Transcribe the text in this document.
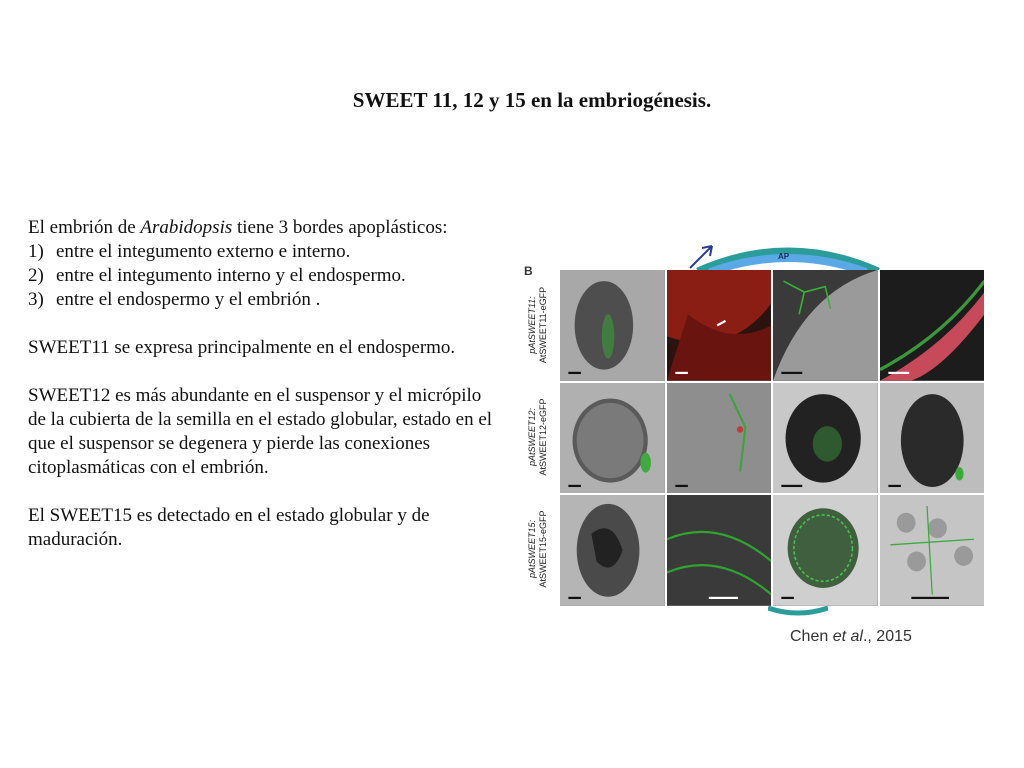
SWEET 11, 12 y 15 en la embriogénesis.

El embrión de Arabidopsis tiene 3 bordes apoplásticos:

1) entre el integumento externo e interno.
2) entre el integumento interno y el endospermo.
3) entre el endospermo y el embrión .

SWEET11 se expresa principalmente en el endospermo.

SWEET12 es más abundante en el suspensor y el micrópilo de la cubierta de la semilla en el estado globular, estado en el que el suspensor se degenera y pierde las conexiones citoplasmáticas con el embrión.

El SWEET15 es detectado en el estado globular y de maduración.

AP
B
pAtSWEET11:
AtSWEET11-eGFP
pAtSWEET12:
AtSWEET12-eGFP
pAtSWEET15:
AtSWEET15-eGFP
Chen et al., 2015
